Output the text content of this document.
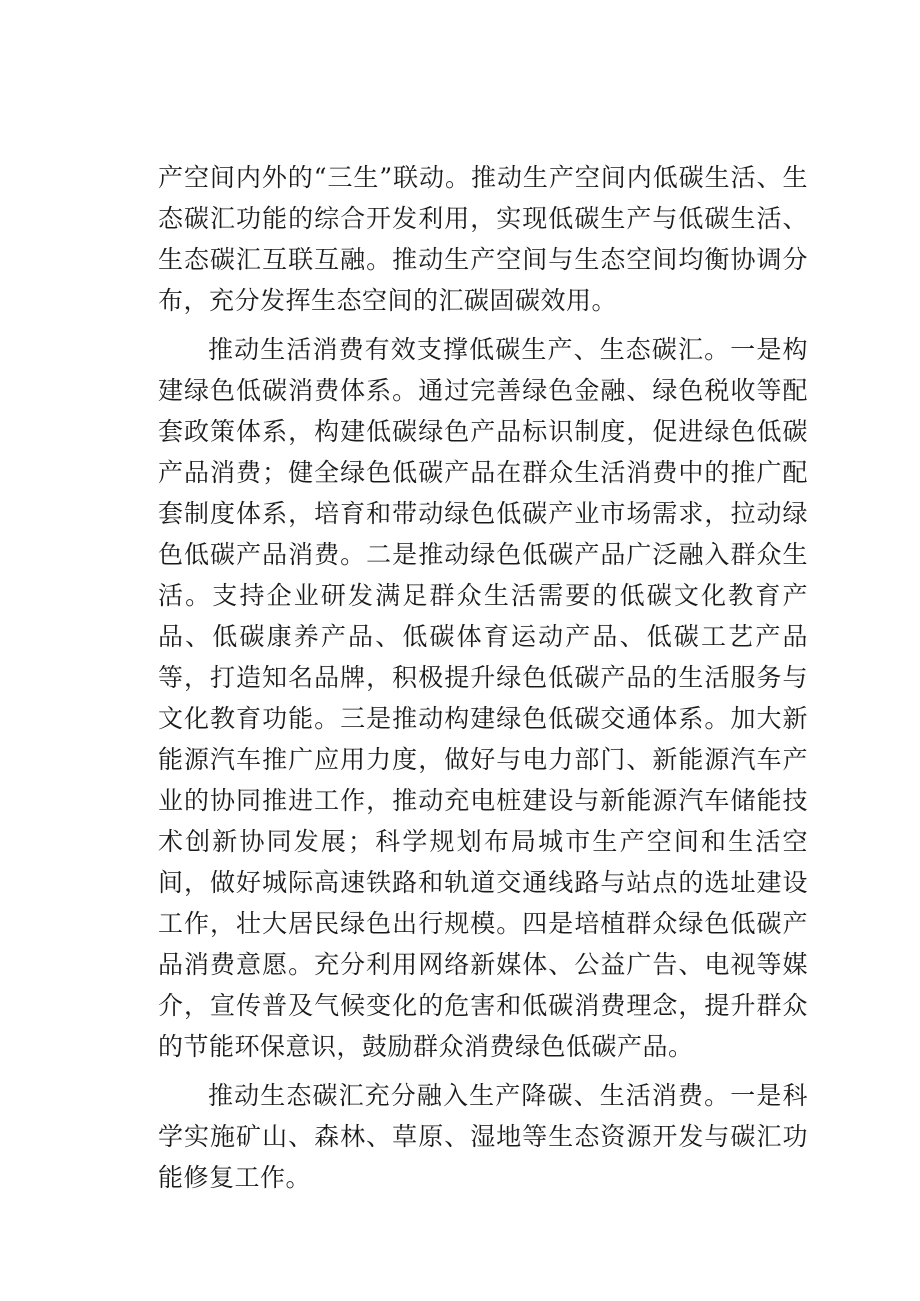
产空间内外的“三生”联动。推动生产空间内低碳生活、生态碳汇功能的综合开发利用，实现低碳生产与低碳生活、生态碳汇互联互融。推动生产空间与生态空间均衡协调分布，充分发挥生态空间的汇碳固碳效用。

推动生活消费有效支撑低碳生产、生态碳汇。一是构建绿色低碳消费体系。通过完善绿色金融、绿色税收等配套政策体系，构建低碳绿色产品标识制度，促进绿色低碳产品消费；健全绿色低碳产品在群众生活消费中的推广配套制度体系，培育和带动绿色低碳产业市场需求，拉动绿色低碳产品消费。二是推动绿色低碳产品广泛融入群众生活。支持企业研发满足群众生活需要的低碳文化教育产品、低碳康养产品、低碳体育运动产品、低碳工艺产品等，打造知名品牌，积极提升绿色低碳产品的生活服务与文化教育功能。三是推动构建绿色低碳交通体系。加大新能源汽车推广应用力度，做好与电力部门、新能源汽车产业的协同推进工作，推动充电桩建设与新能源汽车储能技术创新协同发展；科学规划布局城市生产空间和生活空间，做好城际高速铁路和轨道交通线路与站点的选址建设工作，壮大居民绿色出行规模。四是培植群众绿色低碳产品消费意愿。充分利用网络新媒体、公益广告、电视等媒介，宣传普及气候变化的危害和低碳消费理念，提升群众的节能环保意识，鼓励群众消费绿色低碳产品。

推动生态碳汇充分融入生产降碳、生活消费。一是科学实施矿山、森林、草原、湿地等生态资源开发与碳汇功能修复工作。
